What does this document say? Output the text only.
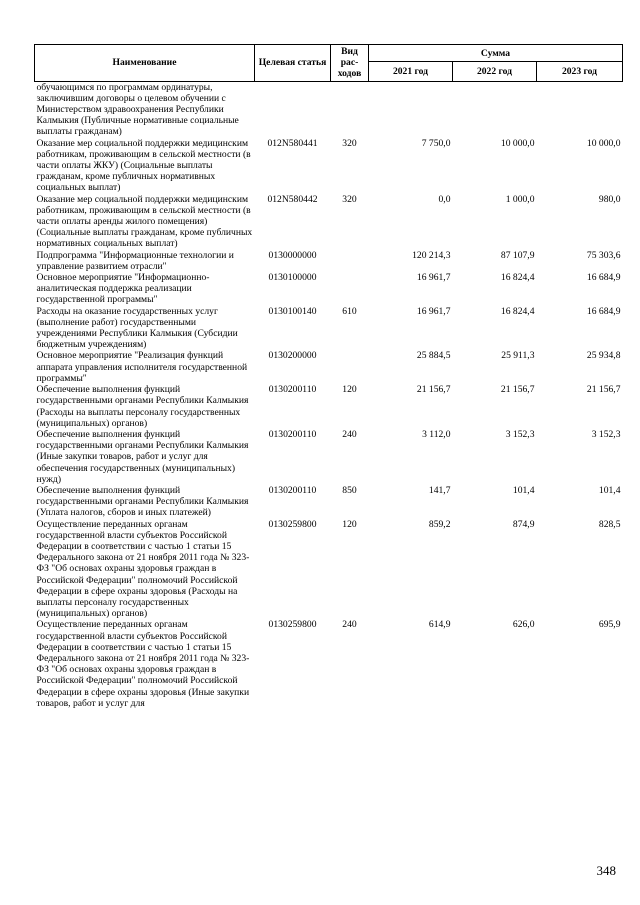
Наименование	Целевая статья	Вид рас-ходов	Сумма		
			2021 год	2022 год	2023 год
обучающимся по программам ординатуры, заключившим договоры о целевом обучении с Министерством здравоохранения Республики Калмыкия (Публичные нормативные социальные выплаты гражданам)					
Оказание мер социальной поддержки медицинским работникам, проживающим в сельской местности (в части оплаты ЖКУ) (Социальные выплаты гражданам, кроме публичных нормативных социальных выплат)	012N580441	320	7 750,0	10 000,0	10 000,0
Оказание мер социальной поддержки медицинским работникам, проживающим в сельской местности (в части оплаты аренды жилого помещения)(Социальные выплаты гражданам, кроме публичных нормативных социальных выплат)	012N580442	320	0,0	1 000,0	980,0
Подпрограмма "Информационные технологии и управление развитием отрасли"	0130000000		120 214,3	87 107,9	75 303,6
Основное мероприятие "Информационно-аналитическая поддержка реализации государственной программы"	0130100000		16 961,7	16 824,4	16 684,9
Расходы на оказание государственных услуг (выполнение работ) государственными учреждениями Республики Калмыкия (Субсидии бюджетным учреждениям)	0130100140	610	16 961,7	16 824,4	16 684,9
Основное мероприятие "Реализация функций аппарата управления исполнителя государственной программы"	0130200000		25 884,5	25 911,3	25 934,8
Обеспечение выполнения функций государственными органами Республики Калмыкия (Расходы на выплаты персоналу государственных (муниципальных) органов)	0130200110	120	21 156,7	21 156,7	21 156,7
Обеспечение выполнения функций государственными органами Республики Калмыкия (Иные закупки товаров, работ и услуг для обеспечения государственных (муниципальных) нужд)	0130200110	240	3 112,0	3 152,3	3 152,3
Обеспечение выполнения функций государственными органами Республики Калмыкия (Уплата налогов, сборов и иных платежей)	0130200110	850	141,7	101,4	101,4
Осуществление переданных органам государственной власти субъектов Российской Федерации в соответствии с частью 1 статьи 15 Федерального закона от 21 ноября 2011 года № 323-ФЗ "Об основах охраны здоровья граждан в Российской Федерации" полномочий Российской Федерации в сфере охраны здоровья (Расходы на выплаты персоналу государственных (муниципальных) органов)	0130259800	120	859,2	874,9	828,5
Осуществление переданных органам государственной власти субъектов Российской Федерации в соответствии с частью 1 статьи 15 Федерального закона от 21 ноября 2011 года № 323-ФЗ "Об основах охраны здоровья граждан в Российской Федерации" полномочий Российской Федерации в сфере охраны здоровья (Иные закупки товаров, работ и услуг для	0130259800	240	614,9	626,0	695,9
348
